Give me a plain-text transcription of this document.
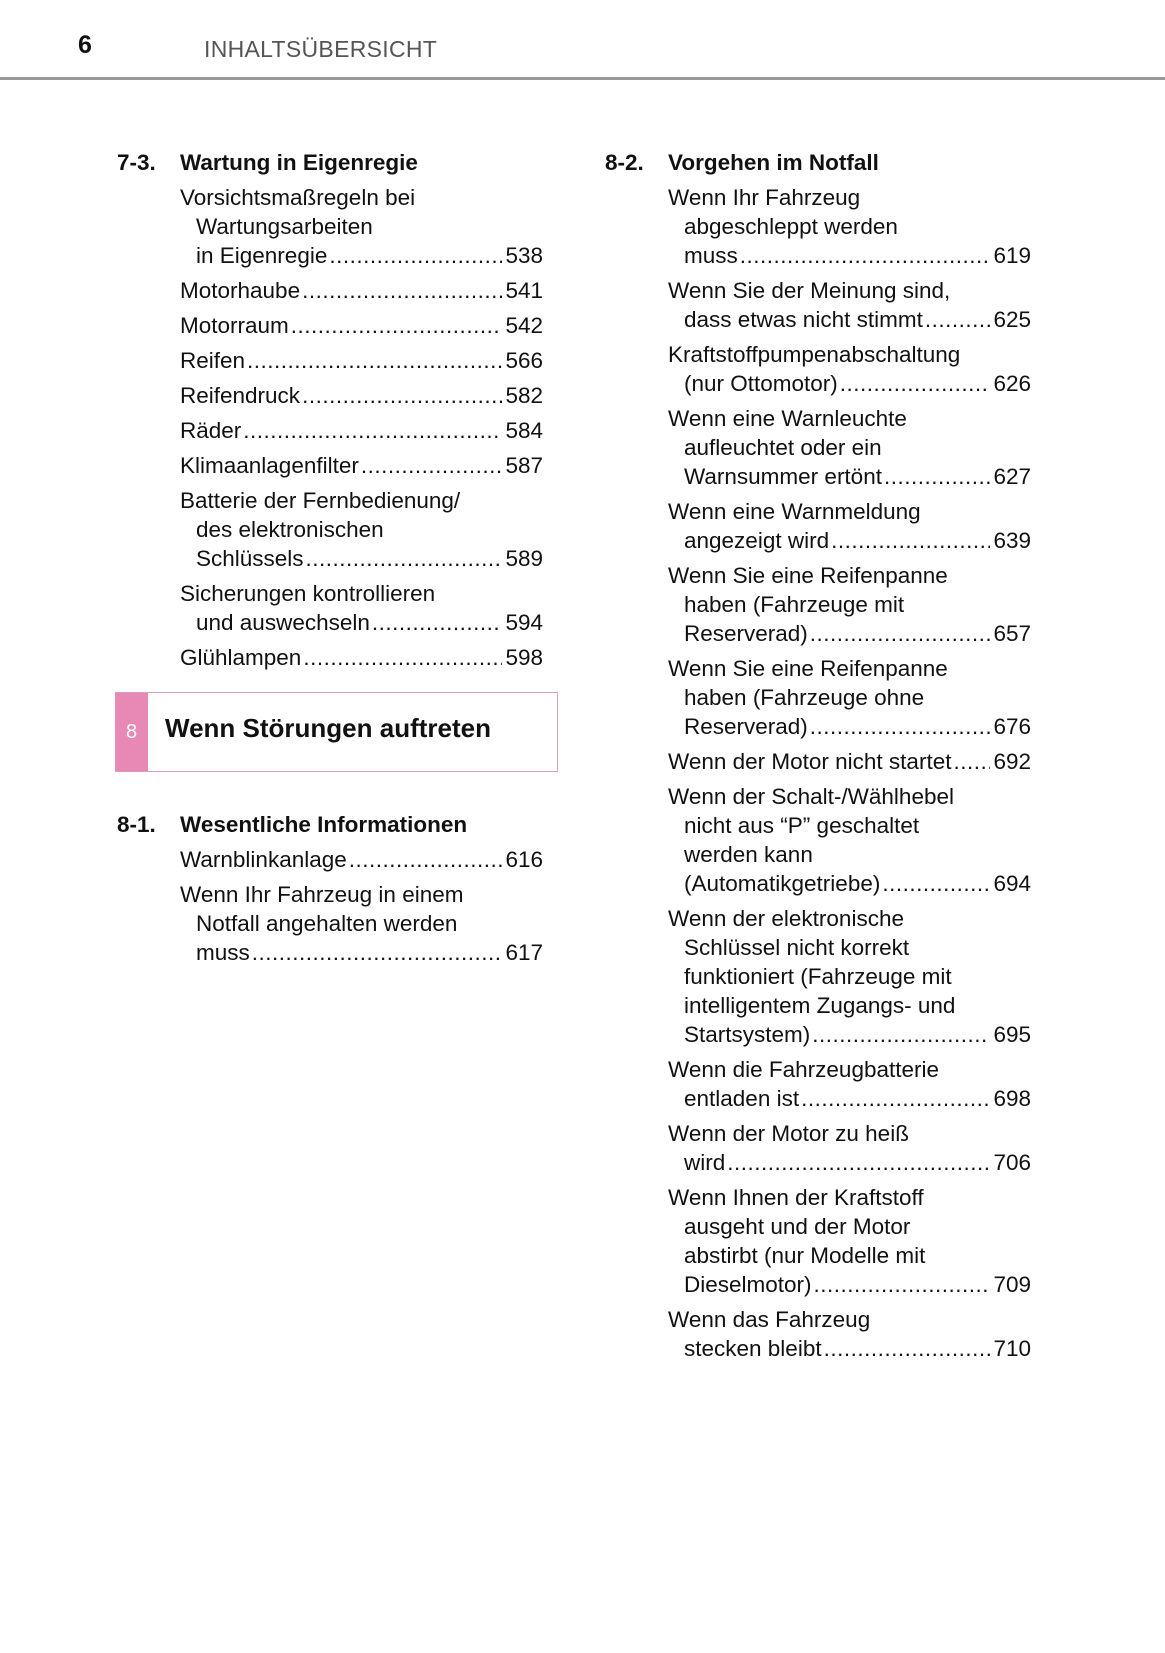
6	INHALTSÜBERSICHT
7-3.	Wartung in Eigenregie
Vorsichtsmaßregeln bei
Wartungsarbeiten
in Eigenregie .....	538
Motorhaube .....	541
Motorraum .....	542
Reifen .....	566
Reifendruck .....	582
Räder .....	584
Klimaanlagenfilter .....	587
Batterie der Fernbedienung/
des elektronischen
Schlüssels .....	589
Sicherungen kontrollieren
und auswechseln .....	594
Glühlampen .....	598
8	Wenn Störungen auftreten
8-1.	Wesentliche Informationen
Warnblinkanlage .....	616
Wenn Ihr Fahrzeug in einem
Notfall angehalten werden
muss .....	617
8-2.	Vorgehen im Notfall
Wenn Ihr Fahrzeug
abgeschleppt werden
muss .....	619
Wenn Sie der Meinung sind,
dass etwas nicht stimmt .....	625
Kraftstoffpumpenabschaltung
(nur Ottomotor) .....	626
Wenn eine Warnleuchte
aufleuchtet oder ein
Warnsummer ertönt .....	627
Wenn eine Warnmeldung
angezeigt wird .....	639
Wenn Sie eine Reifenpanne
haben (Fahrzeuge mit
Reserverad) .....	657
Wenn Sie eine Reifenpanne
haben (Fahrzeuge ohne
Reserverad) .....	676
Wenn der Motor nicht startet ..... 692
Wenn der Schalt-/Wählhebel
nicht aus “P” geschaltet
werden kann
(Automatikgetriebe) .....	694
Wenn der elektronische
Schlüssel nicht korrekt
funktioniert (Fahrzeuge mit
intelligentem Zugangs- und
Startsystem) .....	695
Wenn die Fahrzeugbatterie
entladen ist .....	698
Wenn der Motor zu heiß
wird .....	706
Wenn Ihnen der Kraftstoff
ausgeht und der Motor
abstirbt (nur Modelle mit
Dieselmotor) .....	709
Wenn das Fahrzeug
stecken bleibt .....	710
